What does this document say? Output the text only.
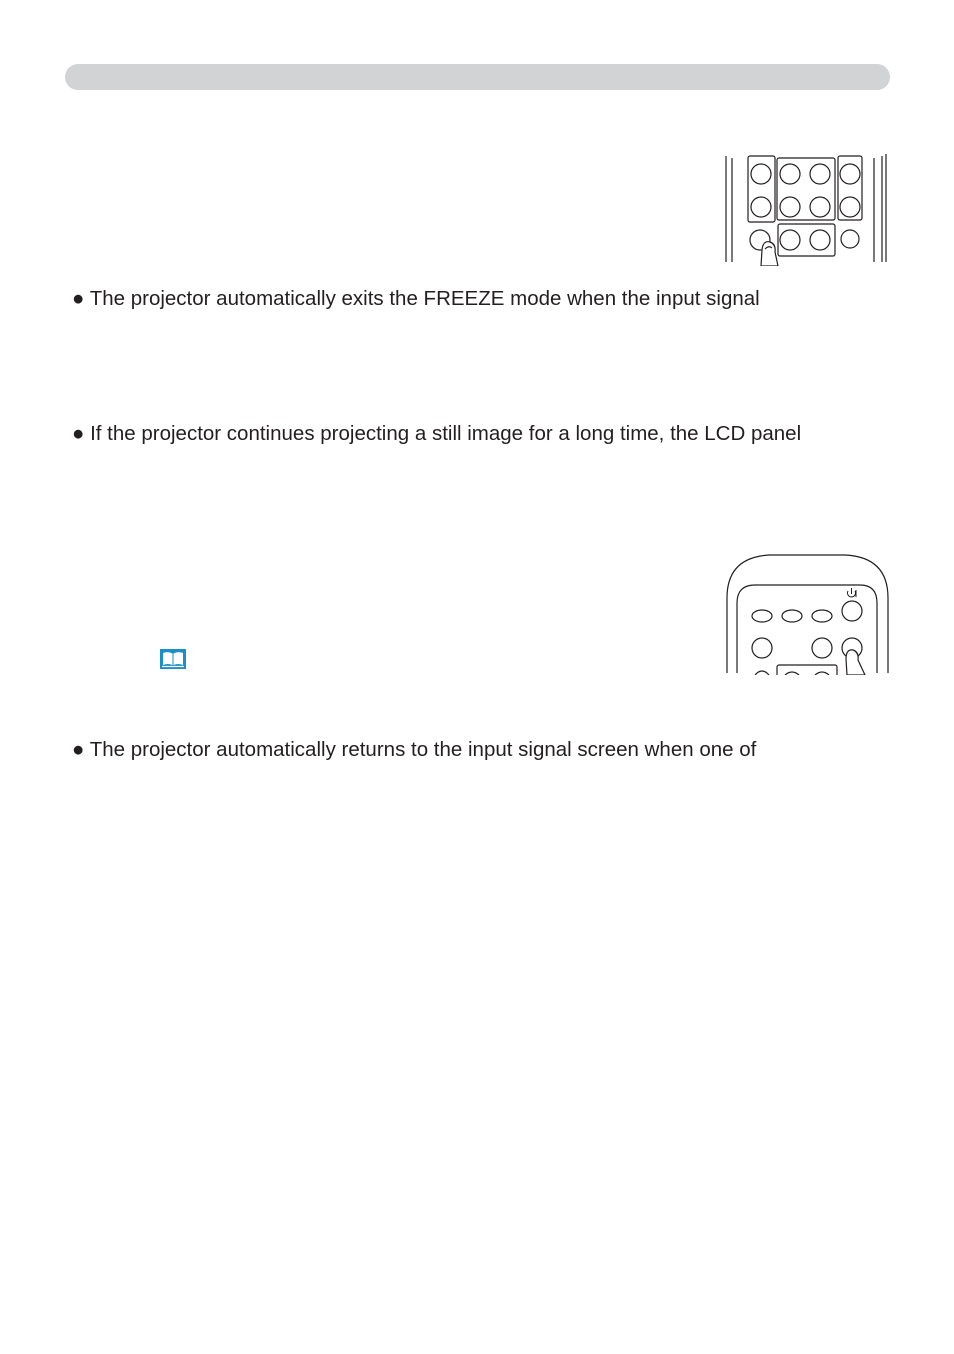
● The projector automatically exits the FREEZE mode when the input signal
● If the projector continues projecting a still image for a long time, the LCD panel
● The projector automatically returns to the input signal screen when one of
